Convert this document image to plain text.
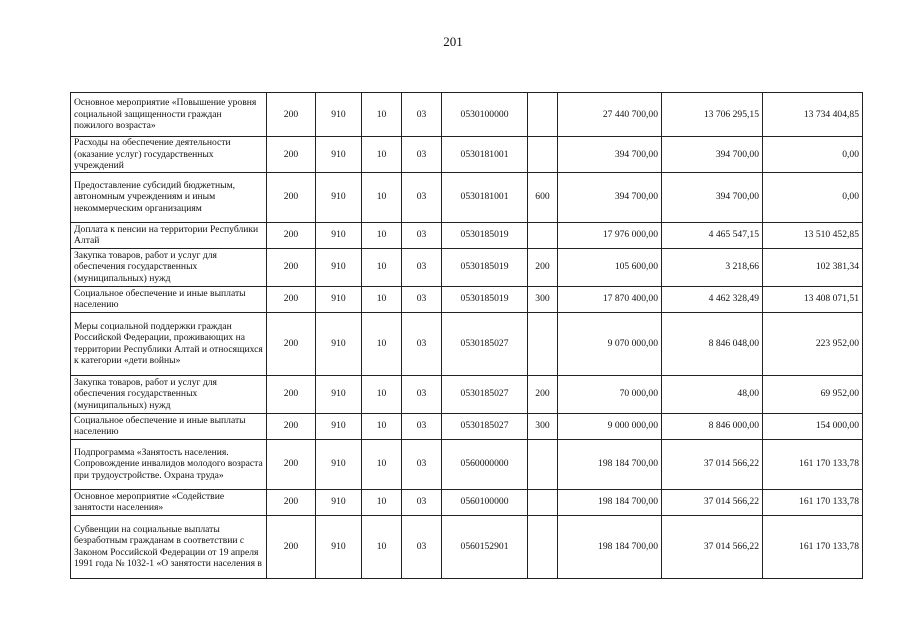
201
Основное мероприятие «Повышение уровня социальной защищенности граждан пожилого возраста»	200	910	10	03	0530100000		27 440 700,00	13 706 295,15	13 734 404,85
Расходы на обеспечение деятельности (оказание услуг) государственных учреждений	200	910	10	03	0530181001		394 700,00	394 700,00	0,00
Предоставление субсидий бюджетным, автономным учреждениям и иным некоммерческим организациям	200	910	10	03	0530181001	600	394 700,00	394 700,00	0,00
Доплата к пенсии на территории Республики Алтай	200	910	10	03	0530185019		17 976 000,00	4 465 547,15	13 510 452,85
Закупка товаров, работ и услуг для обеспечения государственных (муниципальных) нужд	200	910	10	03	0530185019	200	105 600,00	3 218,66	102 381,34
Социальное обеспечение и иные выплаты населению	200	910	10	03	0530185019	300	17 870 400,00	4 462 328,49	13 408 071,51
Меры социальной поддержки граждан Российской Федерации, проживающих на территории Республики Алтай и относящихся к категории «дети войны»	200	910	10	03	0530185027		9 070 000,00	8 846 048,00	223 952,00
Закупка товаров, работ и услуг для обеспечения государственных (муниципальных) нужд	200	910	10	03	0530185027	200	70 000,00	48,00	69 952,00
Социальное обеспечение и иные выплаты населению	200	910	10	03	0530185027	300	9 000 000,00	8 846 000,00	154 000,00
Подпрограмма «Занятость населения. Сопровождение инвалидов молодого возраста при трудоустройстве. Охрана труда»	200	910	10	03	0560000000		198 184 700,00	37 014 566,22	161 170 133,78
Основное мероприятие «Содействие занятости населения»	200	910	10	03	0560100000		198 184 700,00	37 014 566,22	161 170 133,78
Субвенции на социальные выплаты безработным гражданам в соответствии с Законом Российской Федерации от 19 апреля 1991 года № 1032-1 «О занятости населения в	200	910	10	03	0560152901		198 184 700,00	37 014 566,22	161 170 133,78
